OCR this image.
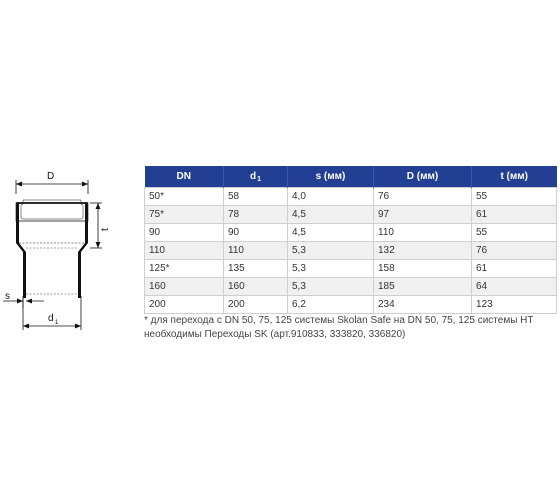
D
t
s
d 1
DN	$d_1$	s (мм)	D (мм)	t (мм)
50*	58	4,0	76	55
75*	78	4,5	97	61
90	90	4,5	110	55
110	110	5,3	132	76
125*	135	5,3	158	61
160	160	5,3	185	64
200	200	6,2	234	123
* для перехода с DN 50, 75, 125 системы Skolan Safe на DN 50, 75, 125 системы HT
необходимы Переходы SK (арт.910833, 333820, 336820)
